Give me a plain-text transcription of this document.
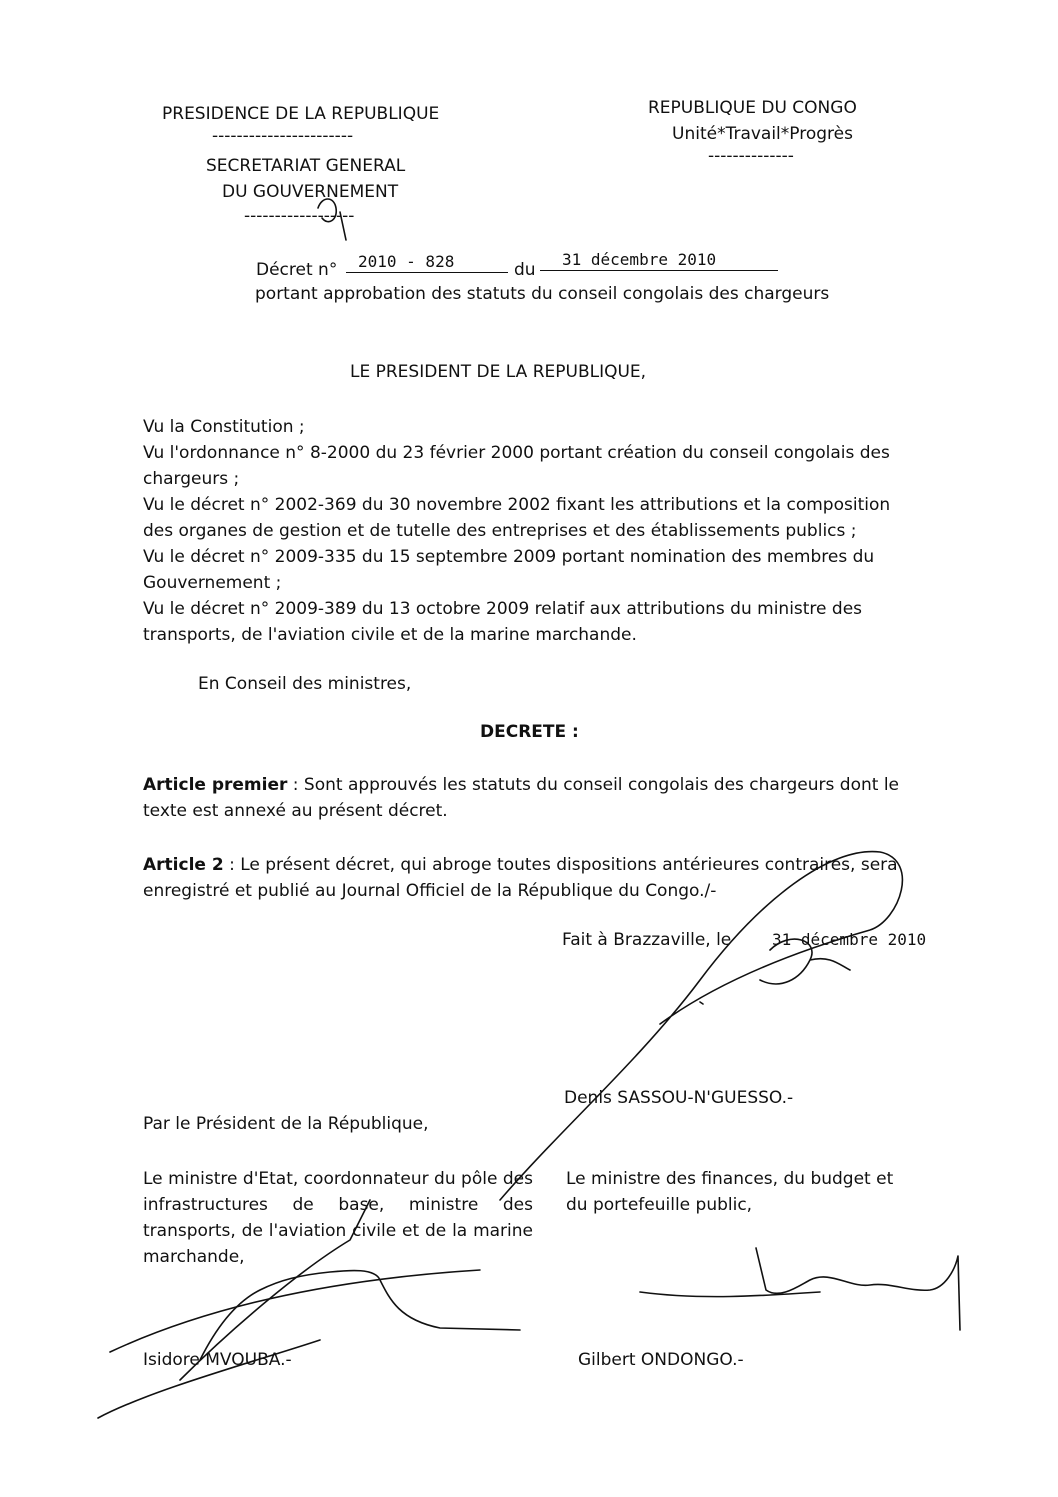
PRESIDENCE DE LA REPUBLIQUE
-----------------------
SECRETARIAT GENERAL
DU GOUVERNEMENT
------------------
REPUBLIQUE DU CONGO
Unité*Travail*Progrès
--------------
Décret n° 2010 - 828	du
31 décembre 2010
portant approbation des statuts du conseil congolais des chargeurs
LE PRESIDENT DE LA REPUBLIQUE,
Vu la Constitution ;
Vu l'ordonnance n° 8-2000 du 23 février 2000 portant création du conseil congolais des chargeurs ;
Vu le décret n° 2002-369 du 30 novembre 2002 fixant les attributions et la composition des organes de gestion et de tutelle des entreprises et des établissements publics ;
Vu le décret n° 2009-335 du 15 septembre 2009 portant nomination des membres du Gouvernement ;
Vu le décret n° 2009-389 du 13 octobre 2009 relatif aux attributions du ministre des transports, de l'aviation civile et de la marine marchande.
En Conseil des ministres,
DECRETE :
Article premier : Sont approuvés les statuts du conseil congolais des chargeurs dont le texte est annexé au présent décret.
Article 2 : Le présent décret, qui abroge toutes dispositions antérieures contraires, sera enregistré et publié au Journal Officiel de la République du Congo./-
Fait à Brazzaville, le	31 décembre 2010
Denis SASSOU-N'GUESSO.-
Par le Président de la République,
Le ministre d'Etat, coordonnateur du pôle des infrastructures de base, ministre des transports, de l'aviation civile et de la marine marchande,
Le ministre des finances, du budget et du portefeuille public,
Isidore MVOUBA.-	Gilbert ONDONGO.-
